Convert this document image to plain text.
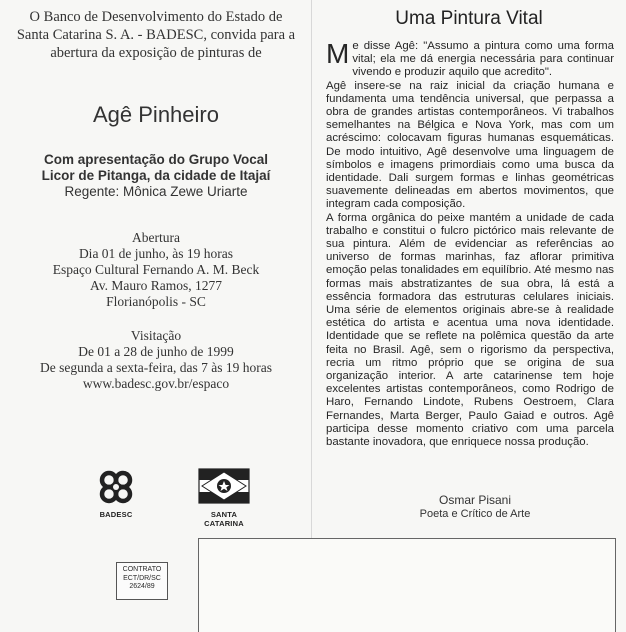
O Banco de Desenvolvimento do Estado de
Santa Catarina S. A. - BADESC, convida para a
abertura da exposição de pinturas de

Agê Pinheiro
Com apresentação do Grupo Vocal
Licor de Pitanga, da cidade de Itajaí
Regente: Mônica Zewe Uriarte
Abertura
Dia 01 de junho, às 19 horas
Espaço Cultural Fernando A. M. Beck
Av. Mauro Ramos, 1277
Florianópolis - SC
Visitação
De 01 a 28 de junho de 1999
De segunda a sexta-feira, das 7 às 19 horas
www.badesc.gov.br/espaco
BADESC	SANTA CATARINA
CONTRATO
ECT/DR/SC
2624/89
Uma Pintura Vital

Me disse Agê: "Assumo a pintura como uma forma vital; ela me dá energia necessária para continuar vivendo e produzir aquilo que acredito".

Agê insere-se na raiz inicial da criação humana e fundamenta uma tendência universal, que perpassa a obra de grandes artistas contemporâneos. Vi trabalhos semelhantes na Bélgica e Nova York, mas com um acréscimo: colocavam figuras humanas esquemáticas. De modo intuitivo, Agê desenvolve uma linguagem de símbolos e imagens primordiais como uma busca da identidade. Dali surgem formas e linhas geométricas suavemente delineadas em abertos movimentos, que integram cada composição.

A forma orgânica do peixe mantém a unidade de cada trabalho e constitui o fulcro pictórico mais relevante de sua pintura. Além de evidenciar as referências ao universo de formas marinhas, faz aflorar primitiva emoção pelas tonalidades em equilíbrio. Até mesmo nas formas mais abstratizantes de sua obra, lá está a essência formadora das estruturas celulares iniciais. Uma série de elementos originais abre-se à realidade estética do artista e acentua uma nova identidade. Identidade que se reflete na polêmica questão da arte feita no Brasil. Agê, sem o rigorismo da perspectiva, recria um ritmo próprio que se origina de sua organização interior. A arte catarinense tem hoje excelentes artistas contemporâneos, como Rodrigo de Haro, Fernando Lindote, Rubens Oestroem, Clara Fernandes, Marta Berger, Paulo Gaiad e outros. Agê participa desse momento criativo com uma parcela bastante inovadora, que enriquece nossa produção.

Osmar Pisani
Poeta e Crítico de Arte
